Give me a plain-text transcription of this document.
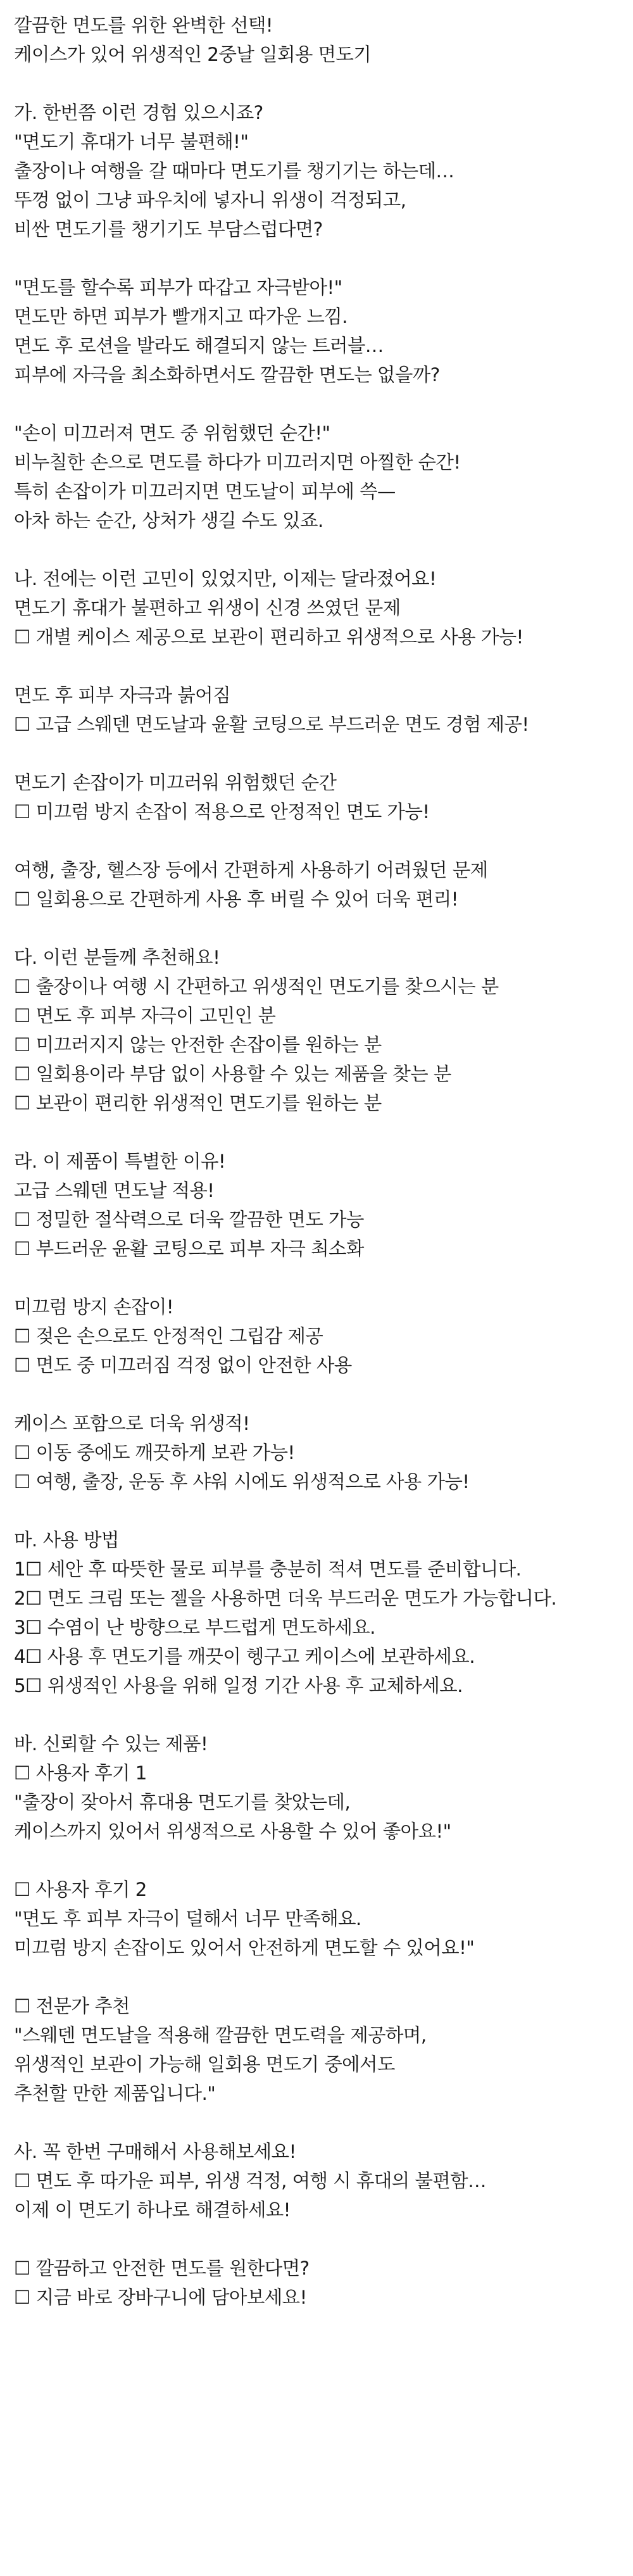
깔끔한 면도를 위한 완벽한 선택!
케이스가 있어 위생적인 2중날 일회용 면도기
가. 한번쯤 이런 경험 있으시죠?
"면도기 휴대가 너무 불편해!"
출장이나 여행을 갈 때마다 면도기를 챙기기는 하는데…
뚜껑 없이 그냥 파우치에 넣자니 위생이 걱정되고,
비싼 면도기를 챙기기도 부담스럽다면?
"면도를 할수록 피부가 따갑고 자극받아!"
면도만 하면 피부가 빨개지고 따가운 느낌.
면도 후 로션을 발라도 해결되지 않는 트러블…
피부에 자극을 최소화하면서도 깔끔한 면도는 없을까?
"손이 미끄러져 면도 중 위험했던 순간!"
비누칠한 손으로 면도를 하다가 미끄러지면 아찔한 순간!
특히 손잡이가 미끄러지면 면도날이 피부에 쓱—
아차 하는 순간, 상처가 생길 수도 있죠.
나. 전에는 이런 고민이 있었지만, 이제는 달라졌어요!
면도기 휴대가 불편하고 위생이 신경 쓰였던 문제
☐ 개별 케이스 제공으로 보관이 편리하고 위생적으로 사용 가능!
면도 후 피부 자극과 붉어짐
☐ 고급 스웨덴 면도날과 윤활 코팅으로 부드러운 면도 경험 제공!
면도기 손잡이가 미끄러워 위험했던 순간
☐ 미끄럼 방지 손잡이 적용으로 안정적인 면도 가능!
여행, 출장, 헬스장 등에서 간편하게 사용하기 어려웠던 문제
☐ 일회용으로 간편하게 사용 후 버릴 수 있어 더욱 편리!
다. 이런 분들께 추천해요!
☐ 출장이나 여행 시 간편하고 위생적인 면도기를 찾으시는 분
☐ 면도 후 피부 자극이 고민인 분
☐ 미끄러지지 않는 안전한 손잡이를 원하는 분
☐ 일회용이라 부담 없이 사용할 수 있는 제품을 찾는 분
☐ 보관이 편리한 위생적인 면도기를 원하는 분
라. 이 제품이 특별한 이유!
고급 스웨덴 면도날 적용!
☐ 정밀한 절삭력으로 더욱 깔끔한 면도 가능
☐ 부드러운 윤활 코팅으로 피부 자극 최소화
미끄럼 방지 손잡이!
☐ 젖은 손으로도 안정적인 그립감 제공
☐ 면도 중 미끄러짐 걱정 없이 안전한 사용
케이스 포함으로 더욱 위생적!
☐ 이동 중에도 깨끗하게 보관 가능!
☐ 여행, 출장, 운동 후 샤워 시에도 위생적으로 사용 가능!
마. 사용 방법
1☐ 세안 후 따뜻한 물로 피부를 충분히 적셔 면도를 준비합니다.
2☐ 면도 크림 또는 젤을 사용하면 더욱 부드러운 면도가 가능합니다.
3☐ 수염이 난 방향으로 부드럽게 면도하세요.
4☐ 사용 후 면도기를 깨끗이 헹구고 케이스에 보관하세요.
5☐ 위생적인 사용을 위해 일정 기간 사용 후 교체하세요.
바. 신뢰할 수 있는 제품!
☐ 사용자 후기 1
"출장이 잦아서 휴대용 면도기를 찾았는데,
케이스까지 있어서 위생적으로 사용할 수 있어 좋아요!"
☐ 사용자 후기 2
"면도 후 피부 자극이 덜해서 너무 만족해요.
미끄럼 방지 손잡이도 있어서 안전하게 면도할 수 있어요!"
☐ 전문가 추천
"스웨덴 면도날을 적용해 깔끔한 면도력을 제공하며,
위생적인 보관이 가능해 일회용 면도기 중에서도
추천할 만한 제품입니다."
사. 꼭 한번 구매해서 사용해보세요!
☐ 면도 후 따가운 피부, 위생 걱정, 여행 시 휴대의 불편함…
이제 이 면도기 하나로 해결하세요!
☐ 깔끔하고 안전한 면도를 원한다면?
☐ 지금 바로 장바구니에 담아보세요!
